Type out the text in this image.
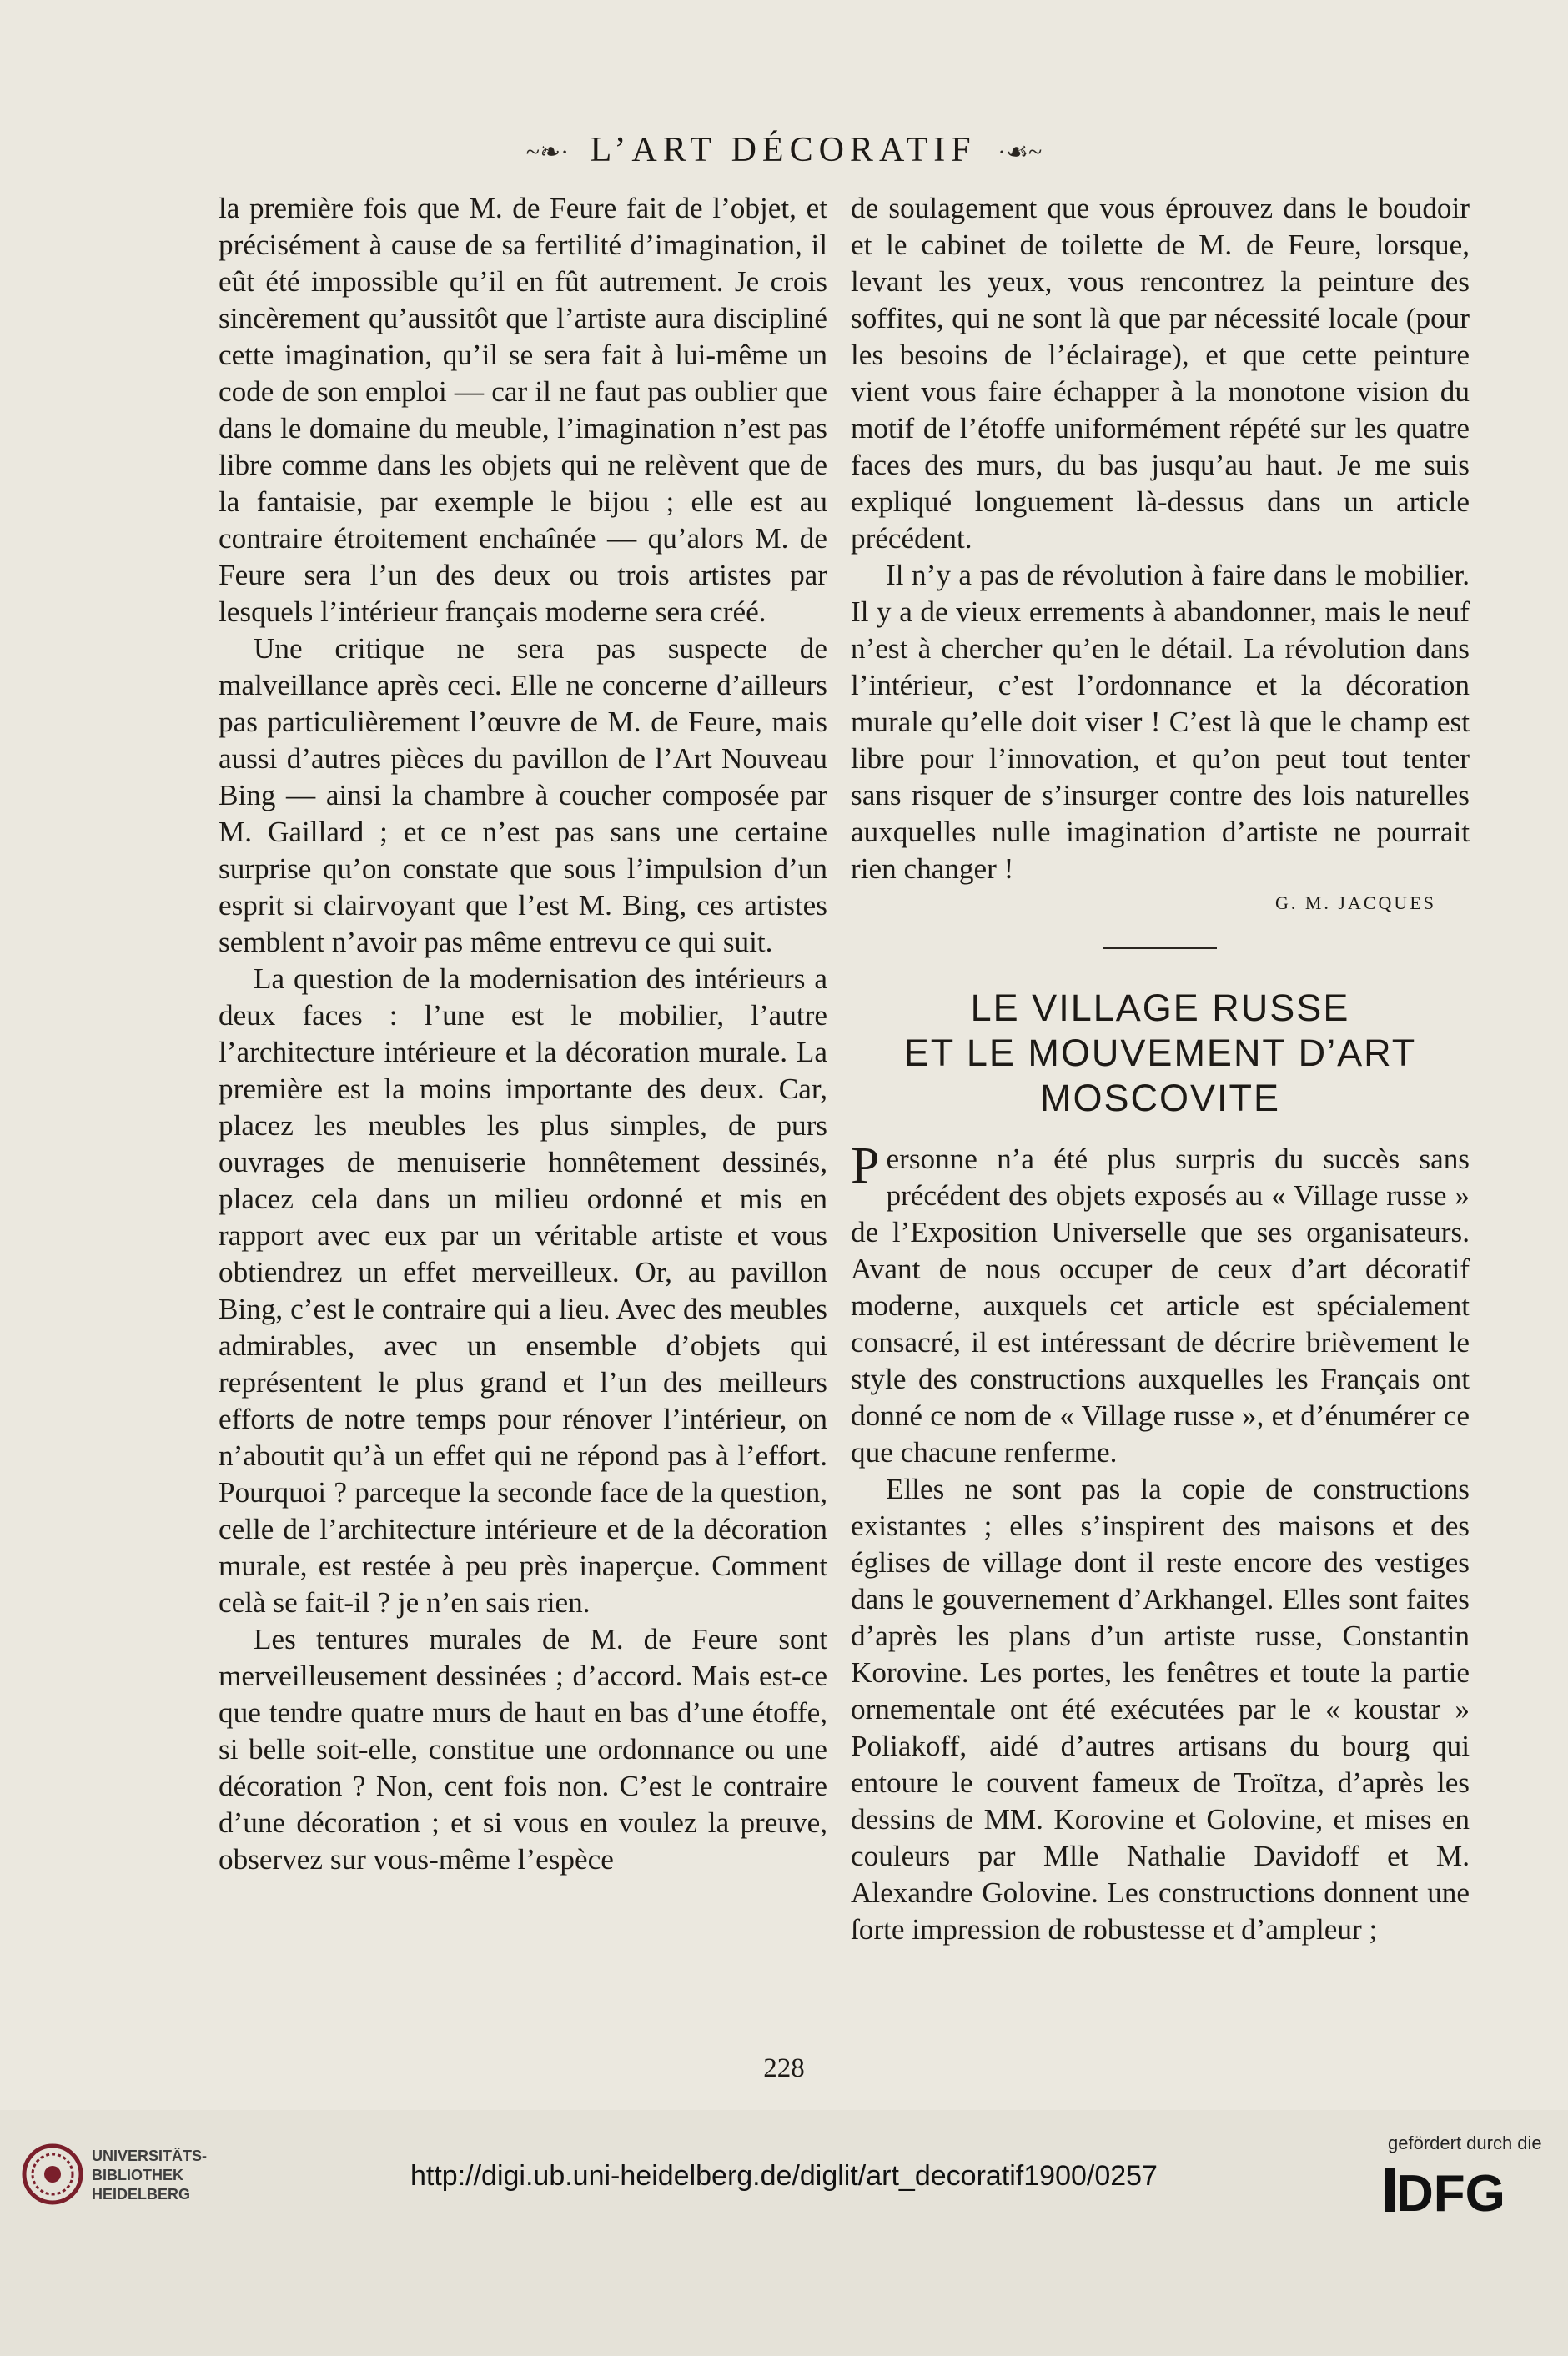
~❧· L’ART DÉCORATIF ·☙~

la première fois que M. de Feure fait de l’objet, et précisément à cause de sa fertilité d’imagination, il eût été impossible qu’il en fût autrement. Je crois sincèrement qu’aussitôt que l’artiste aura discipliné cette imagination, qu’il se sera fait à lui-même un code de son emploi — car il ne faut pas oublier que dans le domaine du meuble, l’imagination n’est pas libre comme dans les objets qui ne relèvent que de la fantaisie, par exemple le bijou ; elle est au contraire étroitement enchaînée — qu’alors M. de Feure sera l’un des deux ou trois artistes par lesquels l’intérieur français moderne sera créé.

Une critique ne sera pas suspecte de malveillance après ceci. Elle ne concerne d’ailleurs pas particulièrement l’œuvre de M. de Feure, mais aussi d’autres pièces du pavillon de l’Art Nouveau Bing — ainsi la chambre à coucher composée par M. Gaillard ; et ce n’est pas sans une certaine surprise qu’on constate que sous l’impulsion d’un esprit si clairvoyant que l’est M. Bing, ces artistes semblent n’avoir pas même entrevu ce qui suit.

La question de la modernisation des intérieurs a deux faces : l’une est le mobilier, l’autre l’architecture intérieure et la décoration murale. La première est la moins importante des deux. Car, placez les meubles les plus simples, de purs ouvrages de menuiserie honnêtement dessinés, placez cela dans un milieu ordonné et mis en rapport avec eux par un véritable artiste et vous obtiendrez un effet merveilleux. Or, au pavillon Bing, c’est le contraire qui a lieu. Avec des meubles admirables, avec un ensemble d’objets qui représentent le plus grand et l’un des meilleurs efforts de notre temps pour rénover l’intérieur, on n’aboutit qu’à un effet qui ne répond pas à l’effort. Pourquoi ? parceque la seconde face de la question, celle de l’architecture intérieure et de la décoration murale, est restée à peu près inaperçue. Comment celà se fait-il ? je n’en sais rien.

Les tentures murales de M. de Feure sont merveilleusement dessinées ; d’accord. Mais est-ce que tendre quatre murs de haut en bas d’une étoffe, si belle soit-elle, constitue une ordonnance ou une décoration ? Non, cent fois non. C’est le contraire d’une décoration ; et si vous en voulez la preuve, observez sur vous-même l’espèce

de soulagement que vous éprouvez dans le boudoir et le cabinet de toilette de M. de Feure, lorsque, levant les yeux, vous rencontrez la peinture des soffites, qui ne sont là que par nécessité locale (pour les besoins de l’éclairage), et que cette peinture vient vous faire échapper à la monotone vision du motif de l’étoffe uniformément répété sur les quatre faces des murs, du bas jusqu’au haut. Je me suis expliqué longuement là-dessus dans un article précédent.

Il n’y a pas de révolution à faire dans le mobilier. Il y a de vieux errements à abandonner, mais le neuf n’est à chercher qu’en le détail. La révolution dans l’intérieur, c’est l’ordonnance et la décoration murale qu’elle doit viser ! C’est là que le champ est libre pour l’innovation, et qu’on peut tout tenter sans risquer de s’insurger contre des lois naturelles auxquelles nulle imagination d’artiste ne pourrait rien changer !

G. M. JACQUES
LE VILLAGE RUSSE
ET LE MOUVEMENT D’ART
MOSCOVITE

Personne n’a été plus surpris du succès sans précédent des objets exposés au « Village russe » de l’Exposition Universelle que ses organisateurs. Avant de nous occuper de ceux d’art décoratif moderne, auxquels cet article est spécialement consacré, il est intéressant de décrire brièvement le style des constructions auxquelles les Français ont donné ce nom de « Village russe », et d’énumérer ce que chacune renferme.

Elles ne sont pas la copie de constructions existantes ; elles s’inspirent des maisons et des églises de village dont il reste encore des vestiges dans le gouvernement d’Arkhangel. Elles sont faites d’après les plans d’un artiste russe, Constantin Korovine. Les portes, les fenêtres et toute la partie ornementale ont été exécutées par le « koustar » Poliakoff, aidé d’autres artisans du bourg qui entoure le couvent fameux de Troïtza, d’après les dessins de MM. Korovine et Golovine, et mises en couleurs par Mlle Nathalie Davidoff et M. Alexandre Golovine. Les constructions donnent une ſorte impression de robustesse et d’ampleur ;

228
UNIVERSITÄTS-
BIBLIOTHEK
HEIDELBERG
http://digi.ub.uni-heidelberg.de/diglit/art_decoratif1900/0257
gefördert durch die
DFG
